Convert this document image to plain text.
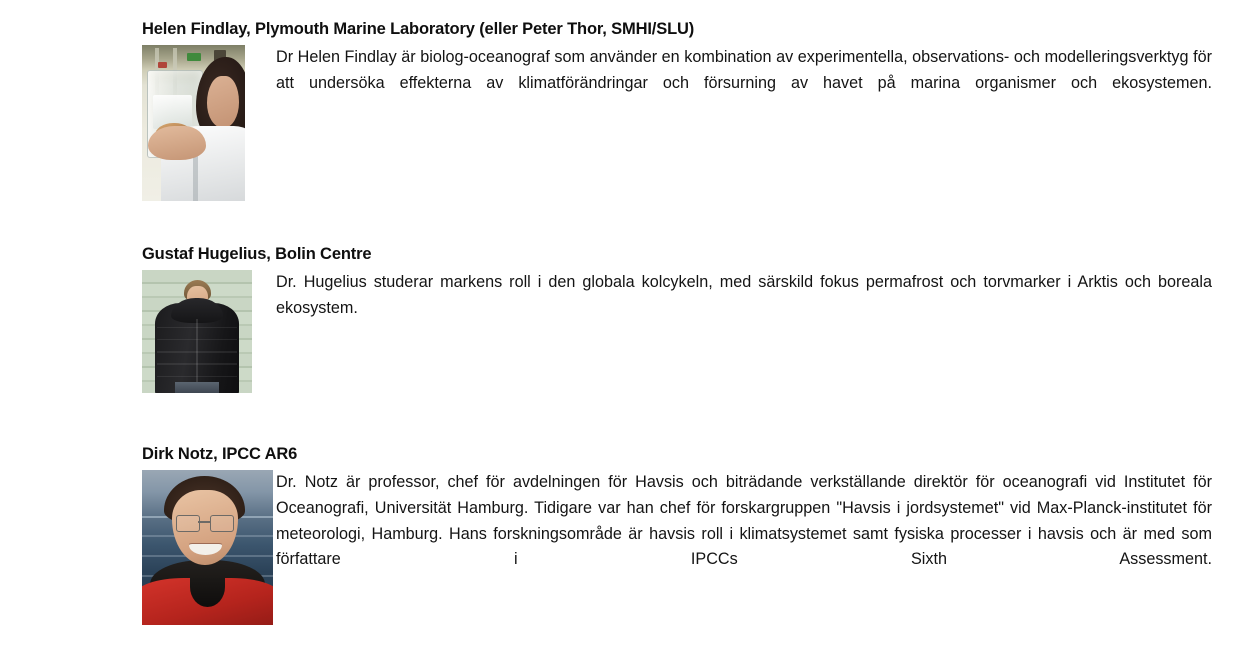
Helen Findlay, Plymouth Marine Laboratory (eller Peter Thor, SMHI/SLU)

Dr Helen Findlay är biolog-oceanograf som använder en kombination av experimentella, observations- och modelleringsverktyg för att undersöka effekterna av klimatförändringar och försurning av havet på marina organismer och ekosystemen.

Gustaf Hugelius, Bolin Centre

Dr. Hugelius studerar markens roll i den globala kolcykeln, med särskild fokus permafrost och torvmarker i Arktis och boreala ekosystem.

Dirk Notz, IPCC AR6

Dr. Notz är professor, chef för avdelningen för Havsis och biträdande verkställande direktör för oceanografi vid Institutet för Oceanografi, Universität Hamburg. Tidigare var han chef för forskargruppen "Havsis i jordsystemet" vid Max-Planck-institutet för meteorologi, Hamburg. Hans forskningsområde är havsis roll i klimatsystemet samt fysiska processer i havsis och är med som författare i IPCCs Sixth Assessment.
